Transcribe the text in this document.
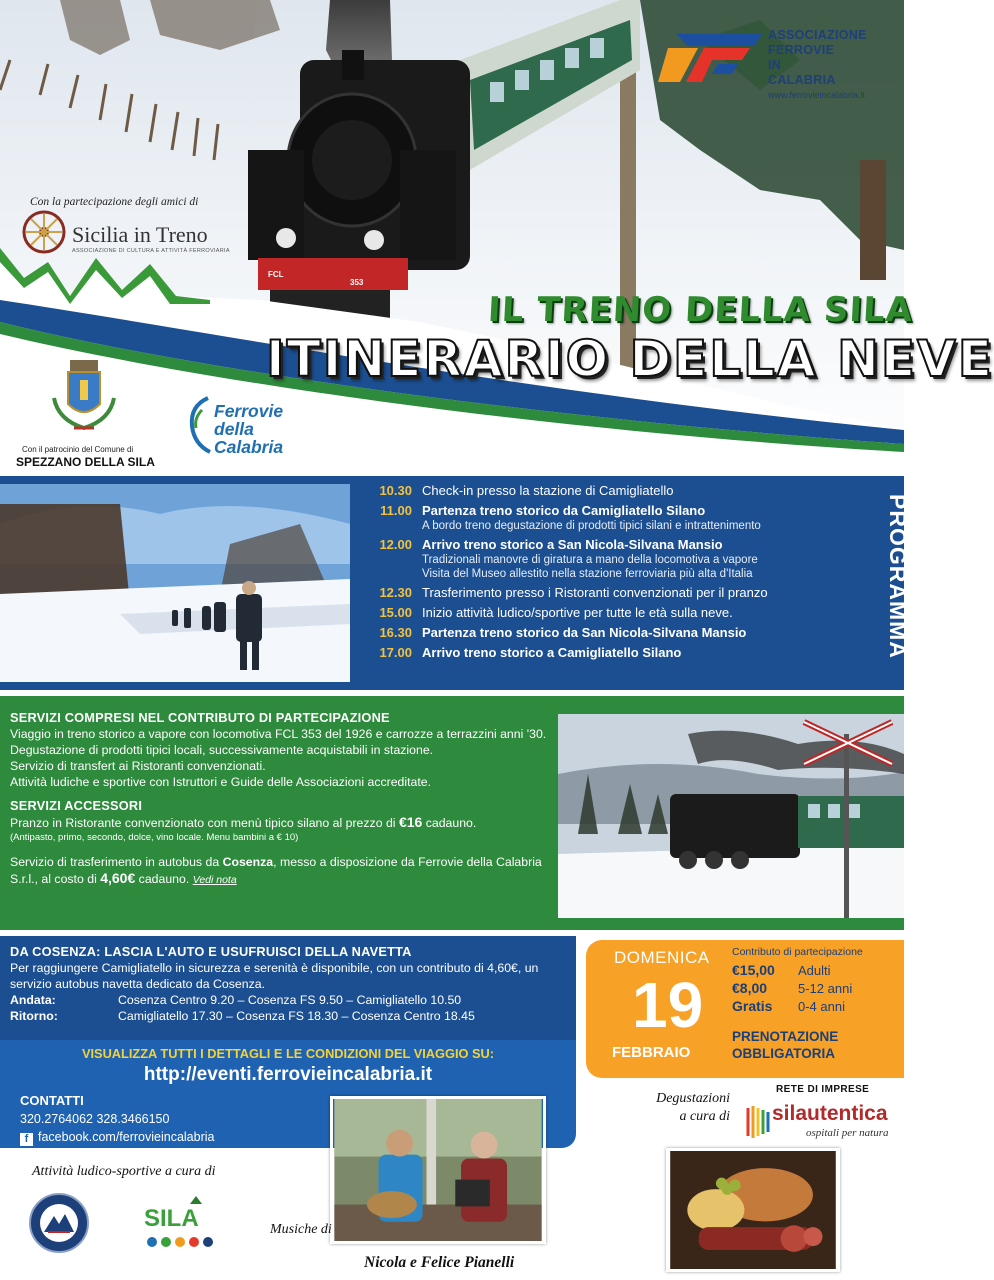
FCL
353
ASSOCIAZIONE
FERROVIE
IN
CALABRIA
www.ferrovieincalabria.it
Con la partecipazione degli amici di
Sicilia in Treno
ASSOCIAZIONE DI CULTURA E ATTIVITÀ FERROVIARIA
IL TRENO DELLA SILA
ITINERARIO DELLA NEVE
Con il patrocinio del Comune di
SPEZZANO DELLA SILA
Ferrovie
della
Calabria
10.30 Check-in presso la stazione di Camigliatello
11.00 Partenza treno storico da Camigliatello Silano
A bordo treno degustazione di prodotti tipici silani e intrattenimento
12.00 Arrivo treno storico a San Nicola-Silvana Mansio
Tradizionali manovre di giratura a mano della locomotiva a vapore
Visita del Museo allestito nella stazione ferroviaria più alta d'Italia
12.30 Trasferimento presso i Ristoranti convenzionati per il pranzo
15.00 Inizio attività ludico/sportive per tutte le età sulla neve.
16.30 Partenza treno storico da San Nicola-Silvana Mansio
17.00 Arrivo treno storico a Camigliatello Silano	PROGRAMMA
SERVIZI COMPRESI NEL CONTRIBUTO DI PARTECIPAZIONE
Viaggio in treno storico a vapore con locomotiva FCL 353 del 1926 e carrozze a terrazzini anni '30.
Degustazione di prodotti tipici locali, successivamente acquistabili in stazione.
Servizio di transfert ai Ristoranti convenzionati.
Attività ludiche e sportive con Istruttori e Guide delle Associazioni accreditate.
SERVIZI ACCESSORI
Pranzo in Ristorante convenzionato con menù tipico silano al prezzo di €16 cadauno.
(Antipasto, primo, secondo, dolce, vino locale. Menu bambini a € 10)
Servizio di trasferimento in autobus da Cosenza, messo a disposizione da Ferrovie della Calabria S.r.l., al costo di 4,60€ cadauno. Vedi nota
DA COSENZA: LASCIA L'AUTO E USUFRUISCI DELLA NAVETTA
Per raggiungere Camigliatello in sicurezza e serenità è disponibile, con un contributo di 4,60€, un servizio autobus navetta dedicato da Cosenza.
Andata:	Cosenza Centro 9.20 – Cosenza FS 9.50 – Camigliatello 10.50
Ritorno:	Camigliatello 17.30 – Cosenza FS 18.30 – Cosenza Centro 18.45
VISUALIZZA TUTTI I DETTAGLI E LE CONDIZIONI DEL VIAGGIO SU:
http://eventi.ferrovieincalabria.it
CONTATTI
320.2764062 328.3466150
f facebook.com/ferrovieincalabria
DOMENICA
19
FEBBRAIO
Contributo di partecipazione
€15,00 Adulti
€8,00 5-12 anni
Gratis 0-4 anni
PRENOTAZIONE
OBBLIGATORIA
Degustazioni
a cura di
RETE DI IMPRESE
silautentica
ospitali per natura
Attività ludico-sportive a cura di
SILA	Musiche di
Nicola e Felice Pianelli
